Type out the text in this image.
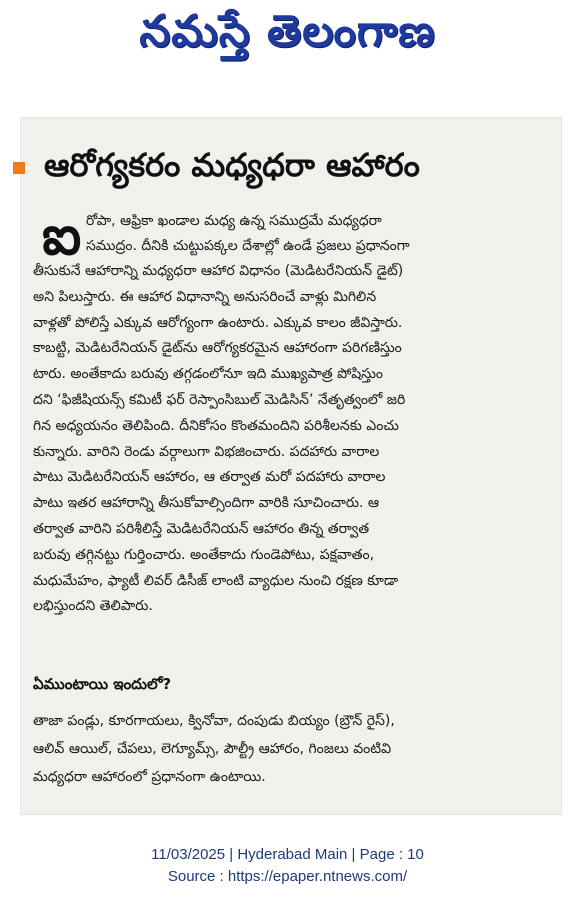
నమస్తే తెలంగాణ
ఆరోగ్యకరం మధ్యధరా ఆహారం
ఐ రోపా, ఆఫ్రికా ఖండాల మధ్య ఉన్న సముద్రమే మధ్యధరా
సముద్రం. దీనికి చుట్టుపక్కల దేశాల్లో ఉండే ప్రజలు ప్రధానంగా
తీసుకునే ఆహారాన్ని మధ్యధరా ఆహార విధానం (మెడిటరేనియన్ డైట్)
అని పిలుస్తారు. ఈ ఆహార విధానాన్ని అనుసరించే వాళ్లు మిగిలిన
వాళ్లతో పోలిస్తే ఎక్కువ ఆరోగ్యంగా ఉంటారు. ఎక్కువ కాలం జీవిస్తారు.
కాబట్టి, మెడిటరేనియన్ డైట్‌ను ఆరోగ్యకరమైన ఆహారంగా పరిగణిస్తుం
టారు. అంతేకాదు బరువు తగ్గడంలోనూ ఇది ముఖ్యపాత్ర పోషిస్తుం
దని ‘ఫిజీషియన్స్ కమిటీ ఫర్ రెస్పాంసిబుల్ మెడిసిన్’ నేతృత్వంలో జరి
గిన అధ్యయనం తెలిపింది. దీనికోసం కొంతమందిని పరిశీలనకు ఎంచు
కున్నారు. వారిని రెండు వర్గాలుగా విభజించారు. పదహారు వారాల
పాటు మెడిటరేనియన్ ఆహారం, ఆ తర్వాత మరో పదహారు వారాల
పాటు ఇతర ఆహారాన్ని తీసుకోవాల్సిందిగా వారికి సూచించారు. ఆ
తర్వాత వారిని పరిశీలిస్తే మెడిటరేనియన్ ఆహారం తిన్న తర్వాత
బరువు తగ్గినట్టు గుర్తించారు. అంతేకాదు గుండెపోటు, పక్షవాతం,
మధుమేహం, ఫ్యాటీ లివర్ డిసీజ్ లాంటి వ్యాధుల నుంచి రక్షణ కూడా
లభిస్తుందని తెలిపారు.
ఏముంటాయి ఇందులో?
తాజా పండ్లు, కూరగాయలు, క్వినోవా, దంపుడు బియ్యం (బ్రౌన్ రైస్),
ఆలివ్ ఆయిల్, చేపలు, లెగ్యూమ్స్, పౌల్ట్రీ ఆహారం, గింజలు వంటివి
మధ్యధరా ఆహారంలో ప్రధానంగా ఉంటాయి.
11/03/2025 | Hyderabad Main | Page : 10
Source : https://epaper.ntnews.com/
